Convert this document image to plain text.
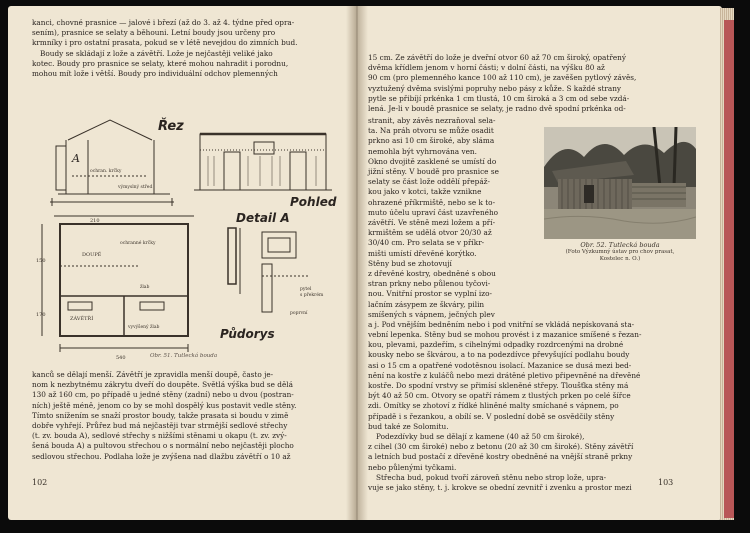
kanci, chovné prasnice — jalové i březí (až do 3. až 4. týdne před opra-

sením), prasnice se selaty a běhouni. Letní boudy jsou určeny pro

krmníky i pro ostatní prasata, pokud se v létě nevejdou do zimních bud.

Boudy se skládají z lože a závětří. Lože je nejčastěji veliké jako

kotec. Boudy pro prasnice se selaty, které mohou nahradit i porodnu,

mohou mít lože i větší. Boudy pro individuální odchov plemenných

Řez
A
ochran. krčky
výmyslný střed
Pohled
DOUPĚ
ZÁVĚTŘÍ
ochranné krčky
žlab
vyvýšený žlab
540
210
150
170
Detail A
pytel
s překrém
poprvní
Půdorys
Obr. 51. Tutlecká bouda

kanců se dělají menší. Závětří je zpravidla menší doupě, často je-

nom k nezbytnému zákrytu dveří do doupěte. Světlá výška bud se dělá

130 až 160 cm, po případě u jedné stěny (zadní) nebo u dvou (postran-

ních) ještě méně, jenom co by se mohl dospělý kus postavit vedle stěny.

Tímto snížením se snaží prostor boudy, takže prasata si boudu v zimě

dobře vyhřejí. Průřez bud má nejčastěji tvar strmější sedlové střechy

(t. zv. bouda A), sedlové střechy s nižšími stěnami u okapu (t. zv. zvý-

šená bouda A) a pultovou střechou o s normální nebo nejčastěji plocho

sedlovou střechou. Podlaha lože je zvýšena nad dlažbu závětří o 10 až

102

15 cm. Ze závětří do lože je dveřní otvor 60 až 70 cm široký, opatřený

dvěma křídlem jenom v horní části; v dolní části, na výšku 80 až

90 cm (pro plemenného kance 100 až 110 cm), je zavěšen pytlový závěs,

vyztužený dvěma svislými popruhy nebo pásy z kůže. S každé strany

pytle se přibíjí prkénka 1 cm tlustá, 10 cm široká a 3 cm od sebe vzdá-

lená. Je-li v boudě prasnice se selaty, je radno dvě spodní prkénka od-

stranit, aby závěs nezraňoval sela-

ta. Na práh otvoru se může osadit

prkno asi 10 cm široké, aby sláma

nemohla být vyhrnována ven.

Okno dvojitě zasklené se umístí do

jižní stěny. V boudě pro prasnice se

selaty se část lože oddělí přepáž-

kou jako v kotci, takže vznikne

ohrazené příkrmiště, nebo se k to-

muto účelu upraví část uzavřeného

závětří. Ve stěně mezi ložem a pří-

krmištěm se udělá otvor 20/30 až

30/40 cm. Pro selata se v příkr-

mišti umístí dřevěné korýtko.

Stěny bud se zhotovují

z dřevěné kostry, obedněné s obou

stran prkny nebo půlenou tyčovi-

nou. Vnitřní prostor se vyplní izo-

lačním zásypem ze škváry, pilin

smíšených s vápnem, ječných plev

a j. Pod vnějším bedněním nebo i pod vnitřní se vkládá nepískovaná sta-

Obr. 52. Tutlecká bouda
(Foto Výzkumný ústav pro chov prasat, Kostelec n. O.)

vební lepenka. Stěny bud se mohou provést i z mazanice smíšené s řezan-

kou, plevami, pazdeřím, s cihelnými odpadky rozdrcenými na drobné

kousky nebo se škvárou, a to na podezdívce převyšující podlahu boudy

asi o 15 cm a opatřené vodotěsnou isolací. Mazanice se dusá mezi bed-

nění na kostře z kuláčů nebo mezi drátěné pletivo připevněné na dřevěné

kostře. Do spodní vrstvy se přimísí skleněné střepy. Tloušťka stěny má

být 40 až 50 cm. Otvory se opatří rámem z tlustých prken po celé šířce

zdi. Omítky se zhotoví z řídké hliněné malty smíchané s vápnem, po

případě i s řezankou, a obílí se. V poslední době se osvědčily stěny

bud také ze Solomitu.

Podezdívky bud se dělají z kamene (40 až 50 cm široké),

z cihel (30 cm široké) nebo z betonu (20 až 30 cm široké). Stěny závětří

a letních bud postačí z dřevěné kostry obedněné na vnější straně prkny

nebo půlenými tyčkami.

Střecha bud, pokud tvoří zároveň stěnu nebo strop lože, upra-

vuje se jako stěny, t. j. krokve se obední zevnitř i zvenku a prostor mezi

103
